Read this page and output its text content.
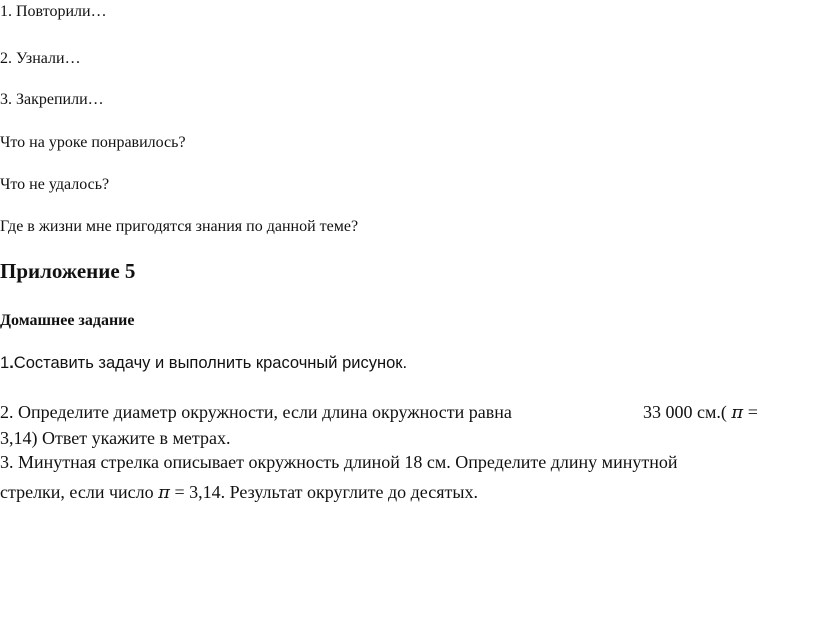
1. Повторили…
2. Узнали…
3. Закрепили…
Что на уроке понравилось?
Что не удалось?
Где в жизни мне пригодятся знания по данной теме?
Приложение 5
Домашнее задание
1.Составить задачу и выполнить красочный рисунок.
2. Определите диаметр окружности, если длина окружности равна	33 000 см.( π =
3,14) Ответ укажите в метрах.
3. Минутная стрелка описывает окружность длиной 18 см. Определите длину минутной
стрелки, если число π = 3,14. Результат округлите до десятых.
